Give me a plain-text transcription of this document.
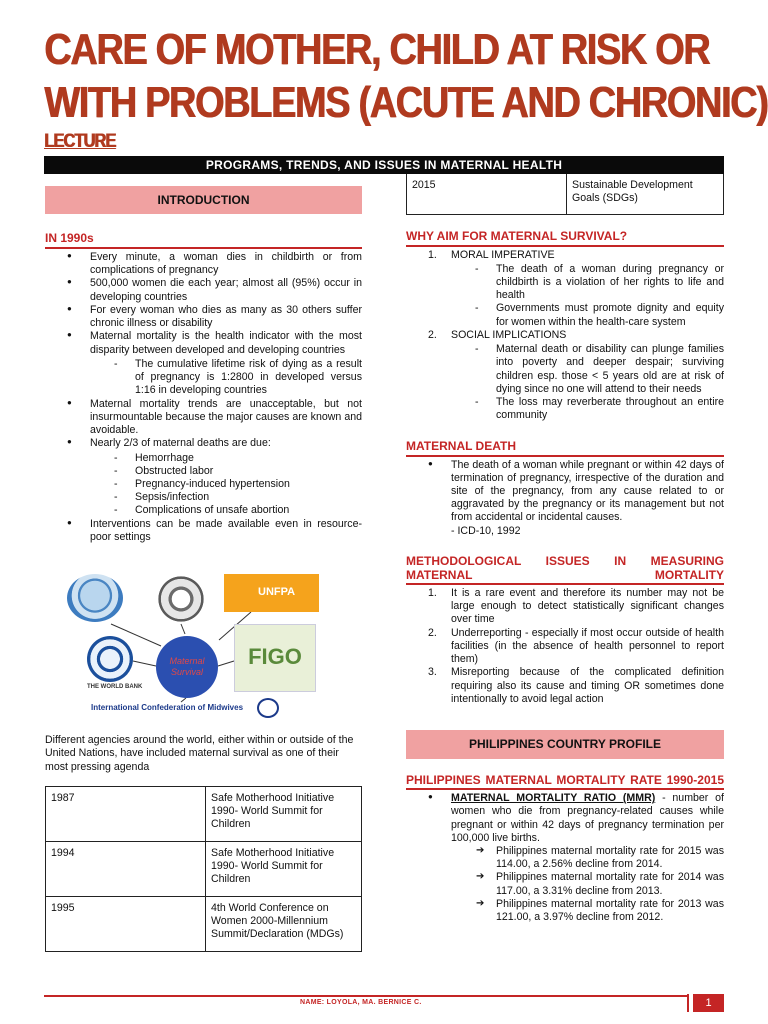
CARE OF MOTHER, CHILD AT RISK OR
WITH PROBLEMS (ACUTE AND CHRONIC)
LECTURE
PROGRAMS, TRENDS, AND ISSUES IN MATERNAL HEALTH
INTRODUCTION
IN 1990s
● Every minute, a woman dies in childbirth or from complications of pregnancy
● 500,000 women die each year; almost all (95%) occur in developing countries
● For every woman who dies as many as 30 others suffer chronic illness or disability
● Maternal mortality is the health indicator with the most disparity between developed and developing countries
- The cumulative lifetime risk of dying as a result of pregnancy is 1:2800 in developed versus 1:16 in developing countries
● Maternal mortality trends are unacceptable, but not insurmountable because the major causes are known and avoidable.
● Nearly 2/3 of maternal deaths are due:
- Hemorrhage
- Obstructed labor
- Pregnancy-induced hypertension
- Sepsis/infection
- Complications of unsafe abortion
● Interventions can be made available even in resource-poor settings
UNFPA
THE WORLD BANK
Maternal
Survival
FIGO
International Confederation of Midwives

Different agencies around the world, either within or outside of the United Nations, have included maternal survival as one of their most pressing agenda

1987	Safe Motherhood Initiative 1990- World Summit for Children
1994	Safe Motherhood Initiative 1990- World Summit for Children
1995	4th World Conference on Women 2000-Millennium Summit/Declaration (MDGs)
2015	Sustainable Development Goals (SDGs)
WHY AIM FOR MATERNAL SURVIVAL?
1. MORAL IMPERATIVE
- The death of a woman during pregnancy or childbirth is a violation of her rights to life and health
- Governments must promote dignity and equity for women within the health-care system
2. SOCIAL IMPLICATIONS
- Maternal death or disability can plunge families into poverty and deeper despair; surviving children esp. those < 5 years old are at risk of dying since no one will attend to their needs
- The loss may reverberate throughout an entire community
MATERNAL DEATH
● The death of a woman while pregnant or within 42 days of termination of pregnancy, irrespective of the duration and site of the pregnancy, from any cause related to or aggravated by the pregnancy or its management but not from accidental or incidental causes.
- ICD-10, 1992
METHODOLOGICAL ISSUES IN MEASURING MATERNAL MORTALITY
1. It is a rare event and therefore its number may not be large enough to detect statistically significant changes over time
2. Underreporting - especially if most occur outside of health facilities (in the absence of health personnel to report them)
3. Misreporting because of the complicated definition requiring also its cause and timing OR sometimes done intentionally to avoid legal action
PHILIPPINES COUNTRY PROFILE
PHILIPPINES MATERNAL MORTALITY RATE 1990-2015
● MATERNAL MORTALITY RATIO (MMR) - number of women who die from pregnancy-related causes while pregnant or within 42 days of pregnancy termination per 100,000 live births.
➔ Philippines maternal mortality rate for 2015 was 114.00, a 2.56% decline from 2014.
➔ Philippines maternal mortality rate for 2014 was 117.00, a 3.31% decline from 2013.
➔ Philippines maternal mortality rate for 2013 was 121.00, a 3.97% decline from 2012.
NAME: LOYOLA, MA. BERNICE C.	1
